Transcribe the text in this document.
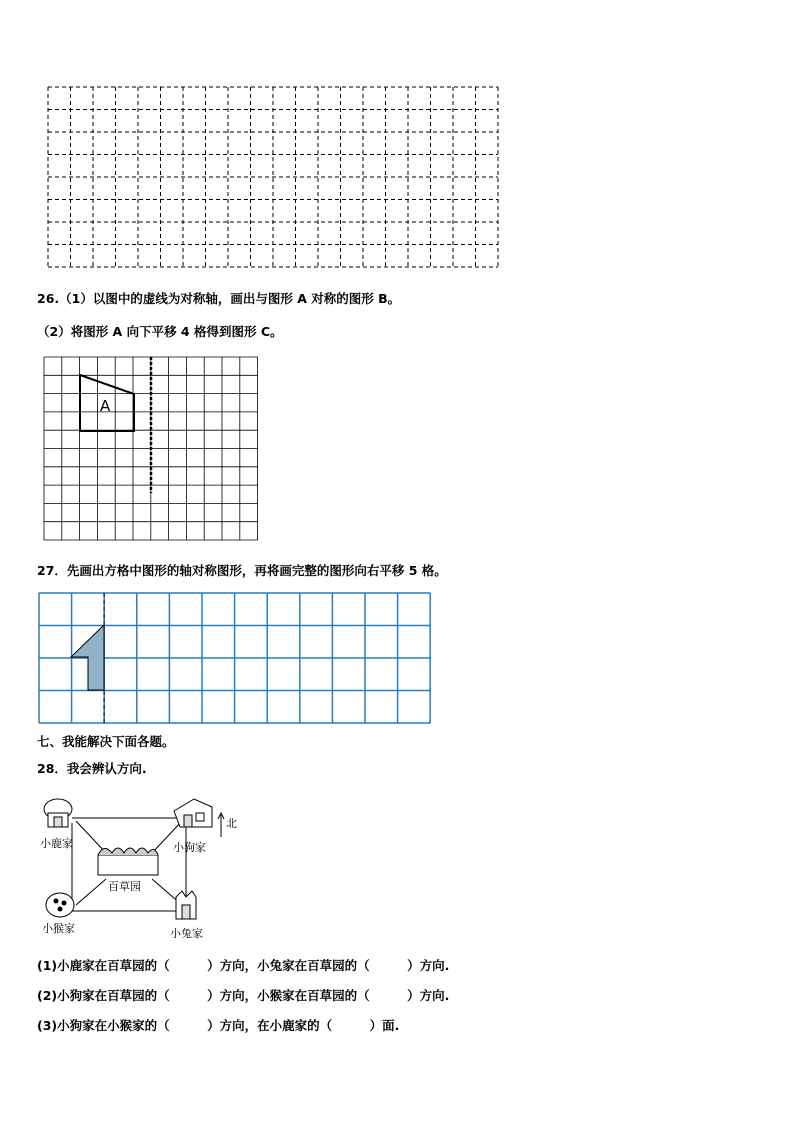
26.（1）以图中的虚线为对称轴，画出与图形 A 对称的图形 B。
（2）将图形 A 向下平移 4 格得到图形 C。
A
27．先画出方格中图形的轴对称图形，再将画完整的图形向右平移 5 格。
七、我能解决下面各题。
28．我会辨认方向.
小鹿家	小狗家
北
百草园
小猴家	小兔家
(1)小鹿家在百草园的（　　　）方向，小兔家在百草园的（　　　）方向.
(2)小狗家在百草园的（　　　）方向，小猴家在百草园的（　　　）方向.
(3)小狗家在小猴家的（　　　）方向，在小鹿家的（　　　）面.
